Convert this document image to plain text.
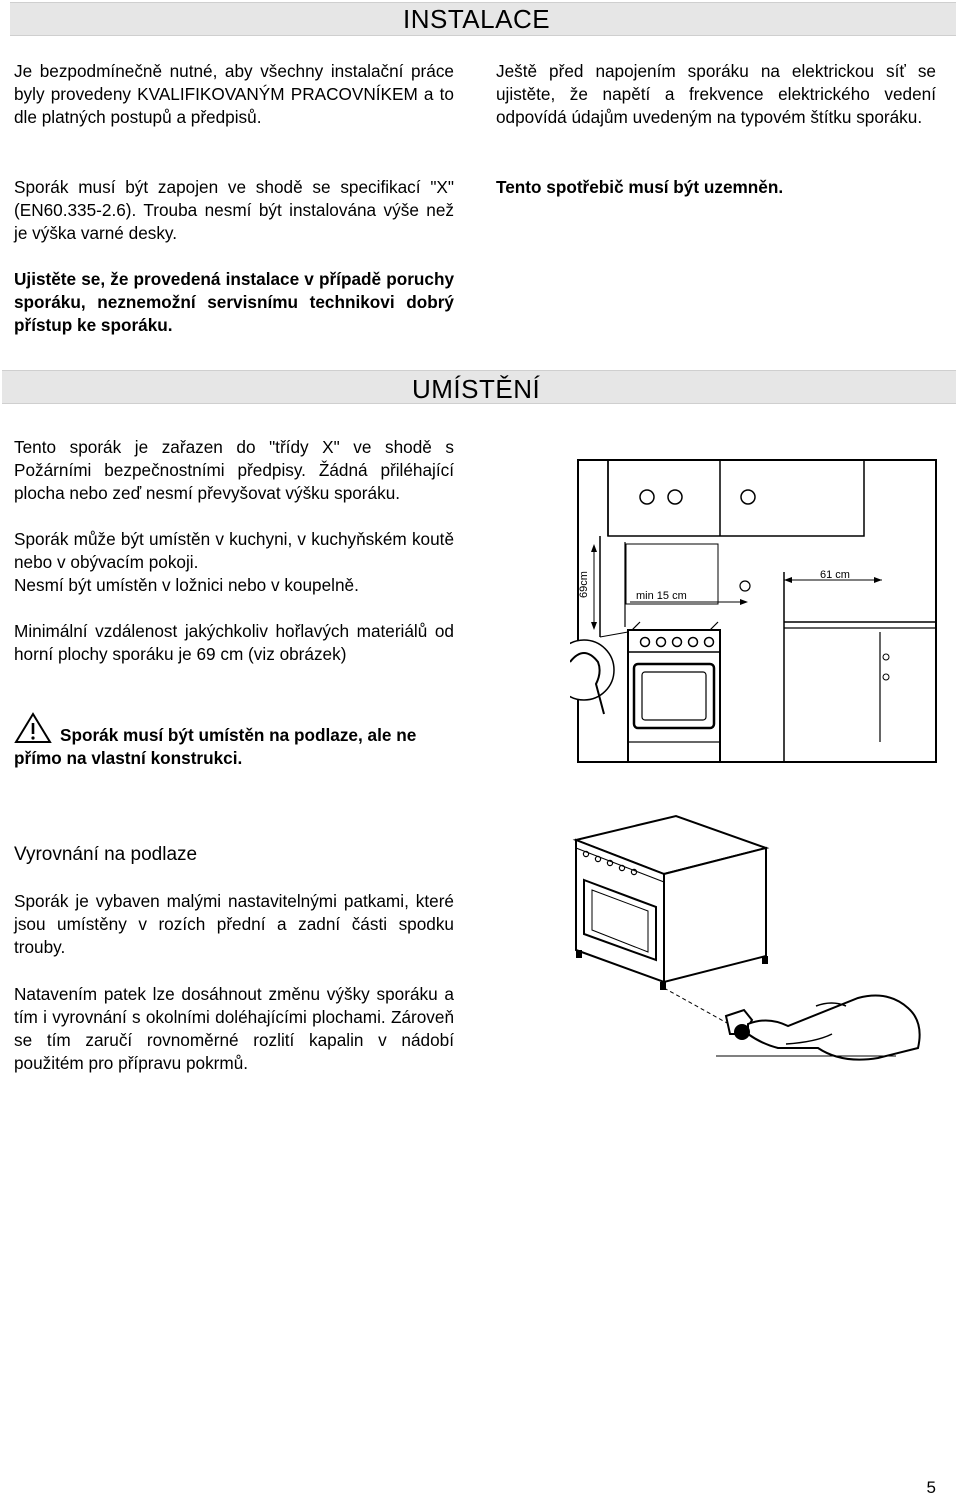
INSTALACE

Je bezpodmínečně nutné, aby všechny instalační práce byly provedeny KVALIFIKOVANÝM PRACOVNÍKEM a to dle platných postupů a předpisů.

Sporák musí být zapojen ve shodě se specifikací "X" (EN60.335-2.6). Trouba nesmí být instalována výše než je výška varné desky.

Ujistěte se, že provedená instalace v případě poruchy sporáku, neznemožní servisnímu technikovi dobrý přístup ke sporáku.

Ještě před napojením sporáku na elektrickou síť se ujistěte, že napětí a frekvence elektrického vedení odpovídá údajům uvedeným na typovém štítku sporáku.

Tento spotřebič musí být uzemněn.

UMÍSTĚNÍ

Tento sporák je zařazen do "třídy X" ve shodě s Požárními bezpečnostními předpisy. Žádná přiléhající plocha nebo zeď nesmí převyšovat výšku sporáku.

Sporák může být umístěn v kuchyni, v kuchyňském koutě nebo v obývacím pokoji.

Nesmí být umístěn v ložnici nebo v koupelně.

Minimální vzdálenost jakýchkoliv hořlavých materiálů od horní plochy sporáku je 69 cm (viz obrázek)

Sporák musí být umístěn na podlaze, ale ne přímo na vlastní konstrukci.

69cm	min 15 cm
61 cm
Vyrovnání na podlaze

Sporák je vybaven malými nastavitelnými patkami, které jsou umístěny v rozích přední a zadní části spodku trouby.

Natavením patek lze dosáhnout změnu výšky sporáku a tím i vyrovnání s okolními doléhajícími plochami. Zároveň se tím zaručí rovnoměrné rozlití kapalin v nádobí použitém pro přípravu pokrmů.

5
